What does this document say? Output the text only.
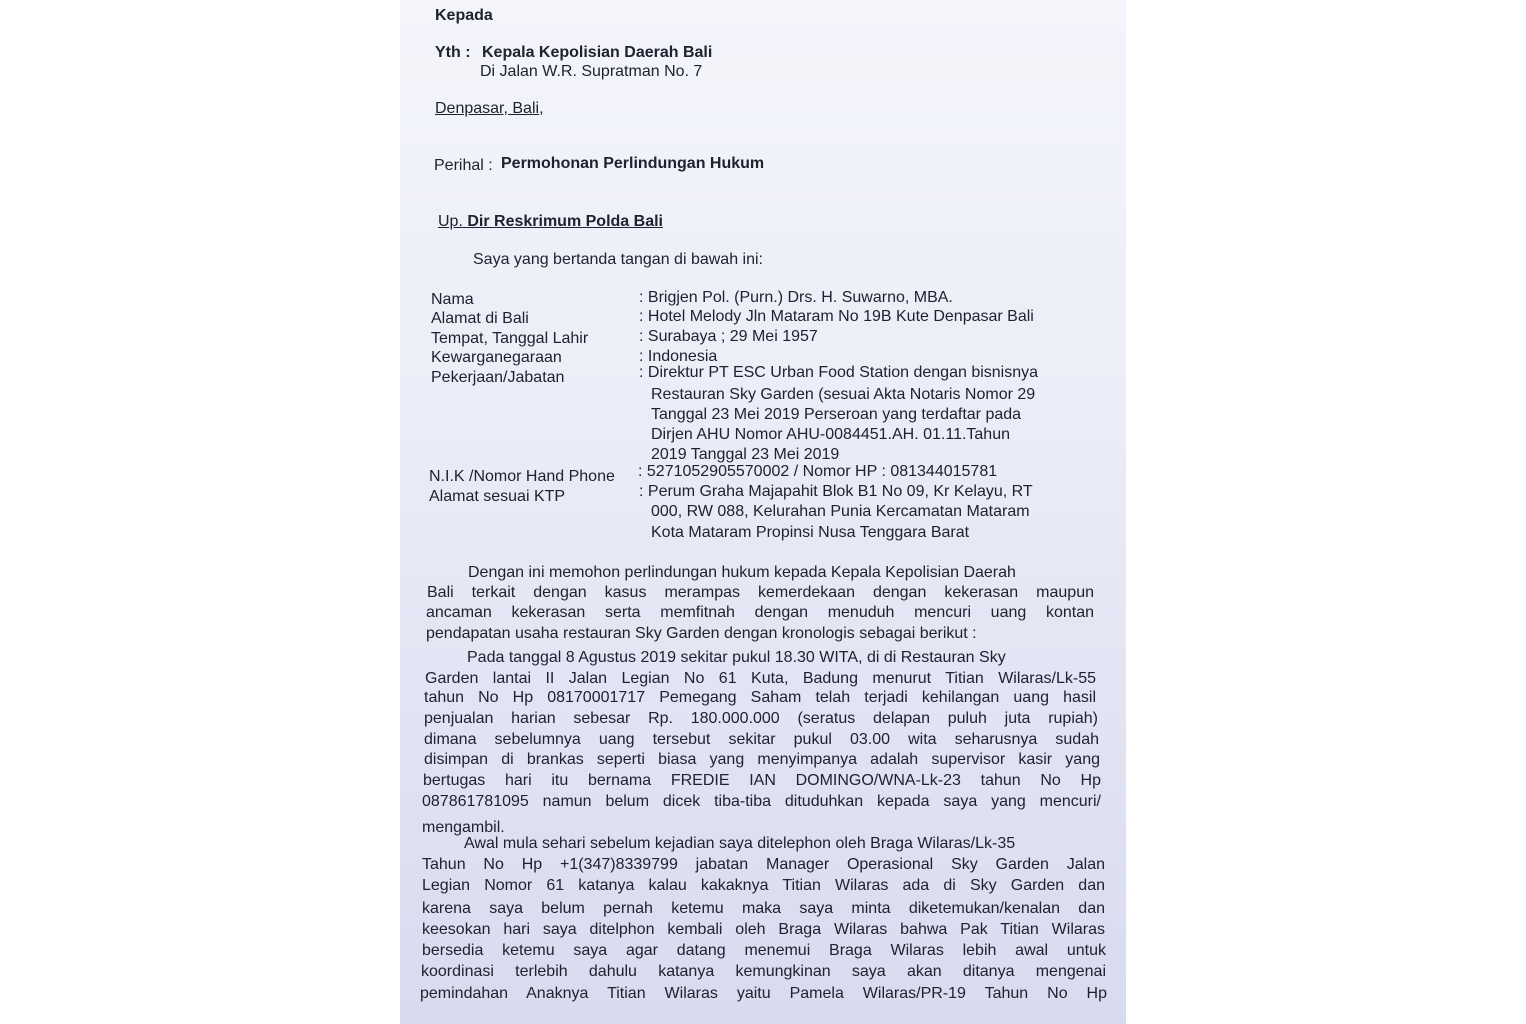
Kepada
Yth : Kepala Kepolisian Daerah Bali
Di Jalan W.R. Supratman No. 7
Denpasar, Bali,
Perihal : Permohonan Perlindungan Hukum
Up. Dir Reskrimum Polda Bali
Saya yang bertanda tangan di bawah ini:
Nama	: Brigjen Pol. (Purn.) Drs. H. Suwarno, MBA.
Alamat di Bali	: Hotel Melody Jln Mataram No 19B Kute Denpasar Bali
Tempat, Tanggal Lahir	: Surabaya ; 29 Mei 1957
Kewarganegaraan	: Indonesia
Pekerjaan/Jabatan	: Direktur PT ESC Urban Food Station dengan bisnisnya
Restauran Sky Garden (sesuai Akta Notaris Nomor 29
Tanggal 23 Mei 2019 Perseroan yang terdaftar pada
Dirjen AHU Nomor AHU-0084451.AH. 01.11.Tahun
2019 Tanggal 23 Mei 2019
N.I.K /Nomor Hand Phone : 5271052905570002 / Nomor HP : 081344015781
Alamat sesuai KTP	: Perum Graha Majapahit Blok B1 No 09, Kr Kelayu, RT
000, RW 088, Kelurahan Punia Kercamatan Mataram
Kota Mataram Propinsi Nusa Tenggara Barat
Dengan ini memohon perlindungan hukum kepada Kepala Kepolisian Daerah
Bali terkait dengan kasus merampas kemerdekaan dengan kekerasan maupun
ancaman kekerasan serta memfitnah dengan menuduh mencuri uang kontan
pendapatan usaha restauran Sky Garden dengan kronologis sebagai berikut :
Pada tanggal 8 Agustus 2019 sekitar pukul 18.30 WITA, di di Restauran Sky
Garden lantai II Jalan Legian No 61 Kuta, Badung menurut Titian Wilaras/Lk-55
tahun No Hp 08170001717 Pemegang Saham telah terjadi kehilangan uang hasil
penjualan harian sebesar Rp. 180.000.000 (seratus delapan puluh juta rupiah)
dimana sebelumnya uang tersebut sekitar pukul 03.00 wita seharusnya sudah
disimpan di brankas seperti biasa yang menyimpanya adalah supervisor kasir yang
bertugas hari itu bernama FREDIE IAN DOMINGO/WNA-Lk-23 tahun No Hp
087861781095 namun belum dicek tiba-tiba dituduhkan kepada saya yang mencuri/
mengambil.
Awal mula sehari sebelum kejadian saya ditelephon oleh Braga Wilaras/Lk-35
Tahun No Hp +1(347)8339799 jabatan Manager Operasional Sky Garden Jalan
Legian Nomor 61 katanya kalau kakaknya Titian Wilaras ada di Sky Garden dan
karena saya belum pernah ketemu maka saya minta diketemukan/kenalan dan
keesokan hari saya ditelphon kembali oleh Braga Wilaras bahwa Pak Titian Wilaras
bersedia ketemu saya agar datang menemui Braga Wilaras lebih awal untuk
koordinasi terlebih dahulu katanya kemungkinan saya akan ditanya mengenai
pemindahan Anaknya Titian Wilaras yaitu Pamela Wilaras/PR-19 Tahun No Hp
